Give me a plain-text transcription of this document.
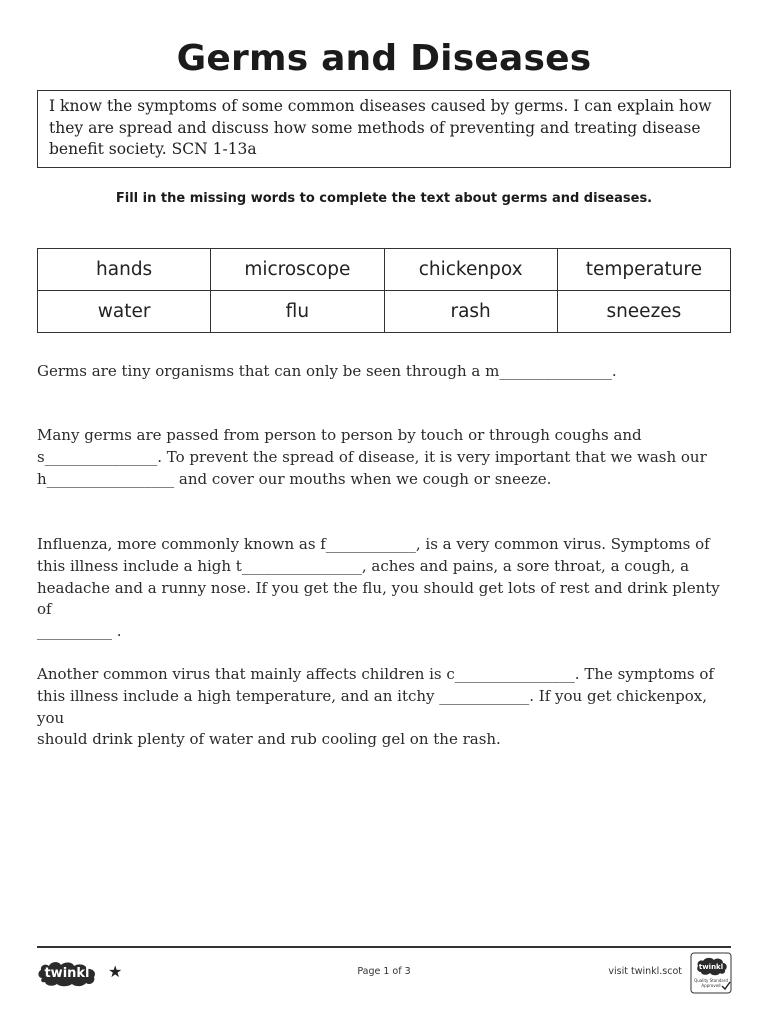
Germs and Diseases
I know the symptoms of some common diseases caused by germs. I can explain how they are spread and discuss how some methods of preventing and treating disease benefit society. SCN 1-13a
Fill in the missing words to complete the text about germs and diseases.
hands	microscope	chickenpox	temperature
water	flu	rash	sneezes
Germs are tiny organisms that can only be seen through a m_______________.
Many germs are passed from person to person by touch or through coughs and
s_______________. To prevent the spread of disease, it is very important that we wash our
h_________________ and cover our mouths when we cough or sneeze.
Influenza, more commonly known as f____________, is a very common virus. Symptoms of
this illness include a high t________________, aches and pains, a sore throat, a cough, a
headache and a runny nose. If you get the flu, you should get lots of rest and drink plenty of
__________ .
Another common virus that mainly affects children is c________________. The symptoms of
this illness include a high temperature, and an itchy ____________. If you get chickenpox, you
should drink plenty of water and rub cooling gel on the rash.
twinkl ★	Page 1 of 3	visit twinkl.scot twinkl
Quality Standard
Approved
